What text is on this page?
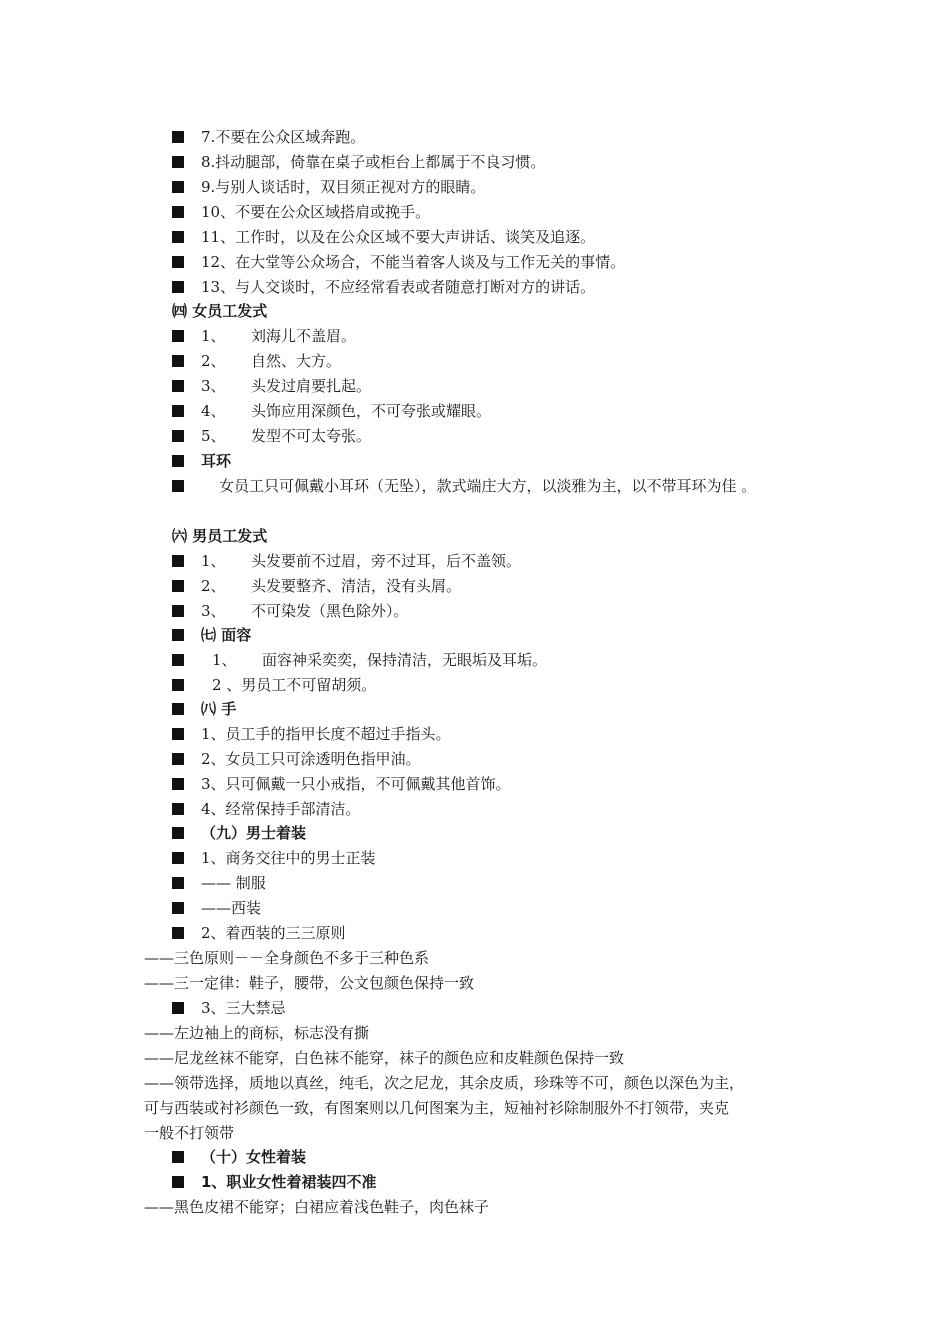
7.不要在公众区域奔跑。
8.抖动腿部，倚靠在桌子或柜台上都属于不良习惯。
9.与别人谈话时，双目须正视对方的眼睛。
10、不要在公众区域搭肩或挽手。
11、工作时，以及在公众区域不要大声讲话、谈笑及追逐。
12、在大堂等公众场合，不能当着客人谈及与工作无关的事情。
13、与人交谈时，不应经常看表或者随意打断对方的讲话。
㈣ 女员工发式
1、 刘海儿不盖眉。
2、 自然、大方。
3、 头发过肩要扎起。
4、 头饰应用深颜色，不可夸张或耀眼。
5、 发型不可太夸张。
耳环
女员工只可佩戴小耳环（无坠），款式端庄大方，以淡雅为主，以不带耳环为佳 。
㈥ 男员工发式
1、 头发要前不过眉，旁不过耳，后不盖领。
2、 头发要整齐、清洁，没有头屑。
3、 不可染发（黑色除外）。
㈦ 面容
1、 面容神采奕奕，保持清洁，无眼垢及耳垢。
2 、男员工不可留胡须。
㈧ 手
1、员工手的指甲长度不超过手指头。
2、女员工只可涂透明色指甲油。
3、只可佩戴一只小戒指，不可佩戴其他首饰。
4、经常保持手部清洁。
（九）男士着装
1、商务交往中的男士正装
—— 制服
——西装
2、着西装的三三原则
——三色原则－－全身颜色不多于三种色系
——三一定律：鞋子，腰带，公文包颜色保持一致
3、三大禁忌
——左边袖上的商标，标志没有撕
——尼龙丝袜不能穿，白色袜不能穿，袜子的颜色应和皮鞋颜色保持一致
——领带选择，质地以真丝，纯毛，次之尼龙，其余皮质，珍珠等不可，颜色以深色为主，
可与西装或衬衫颜色一致，有图案则以几何图案为主，短袖衬衫除制服外不打领带，夹克
一般不打领带
（十）女性着装
1、职业女性着裙装四不准
——黑色皮裙不能穿；白裙应着浅色鞋子，肉色袜子
